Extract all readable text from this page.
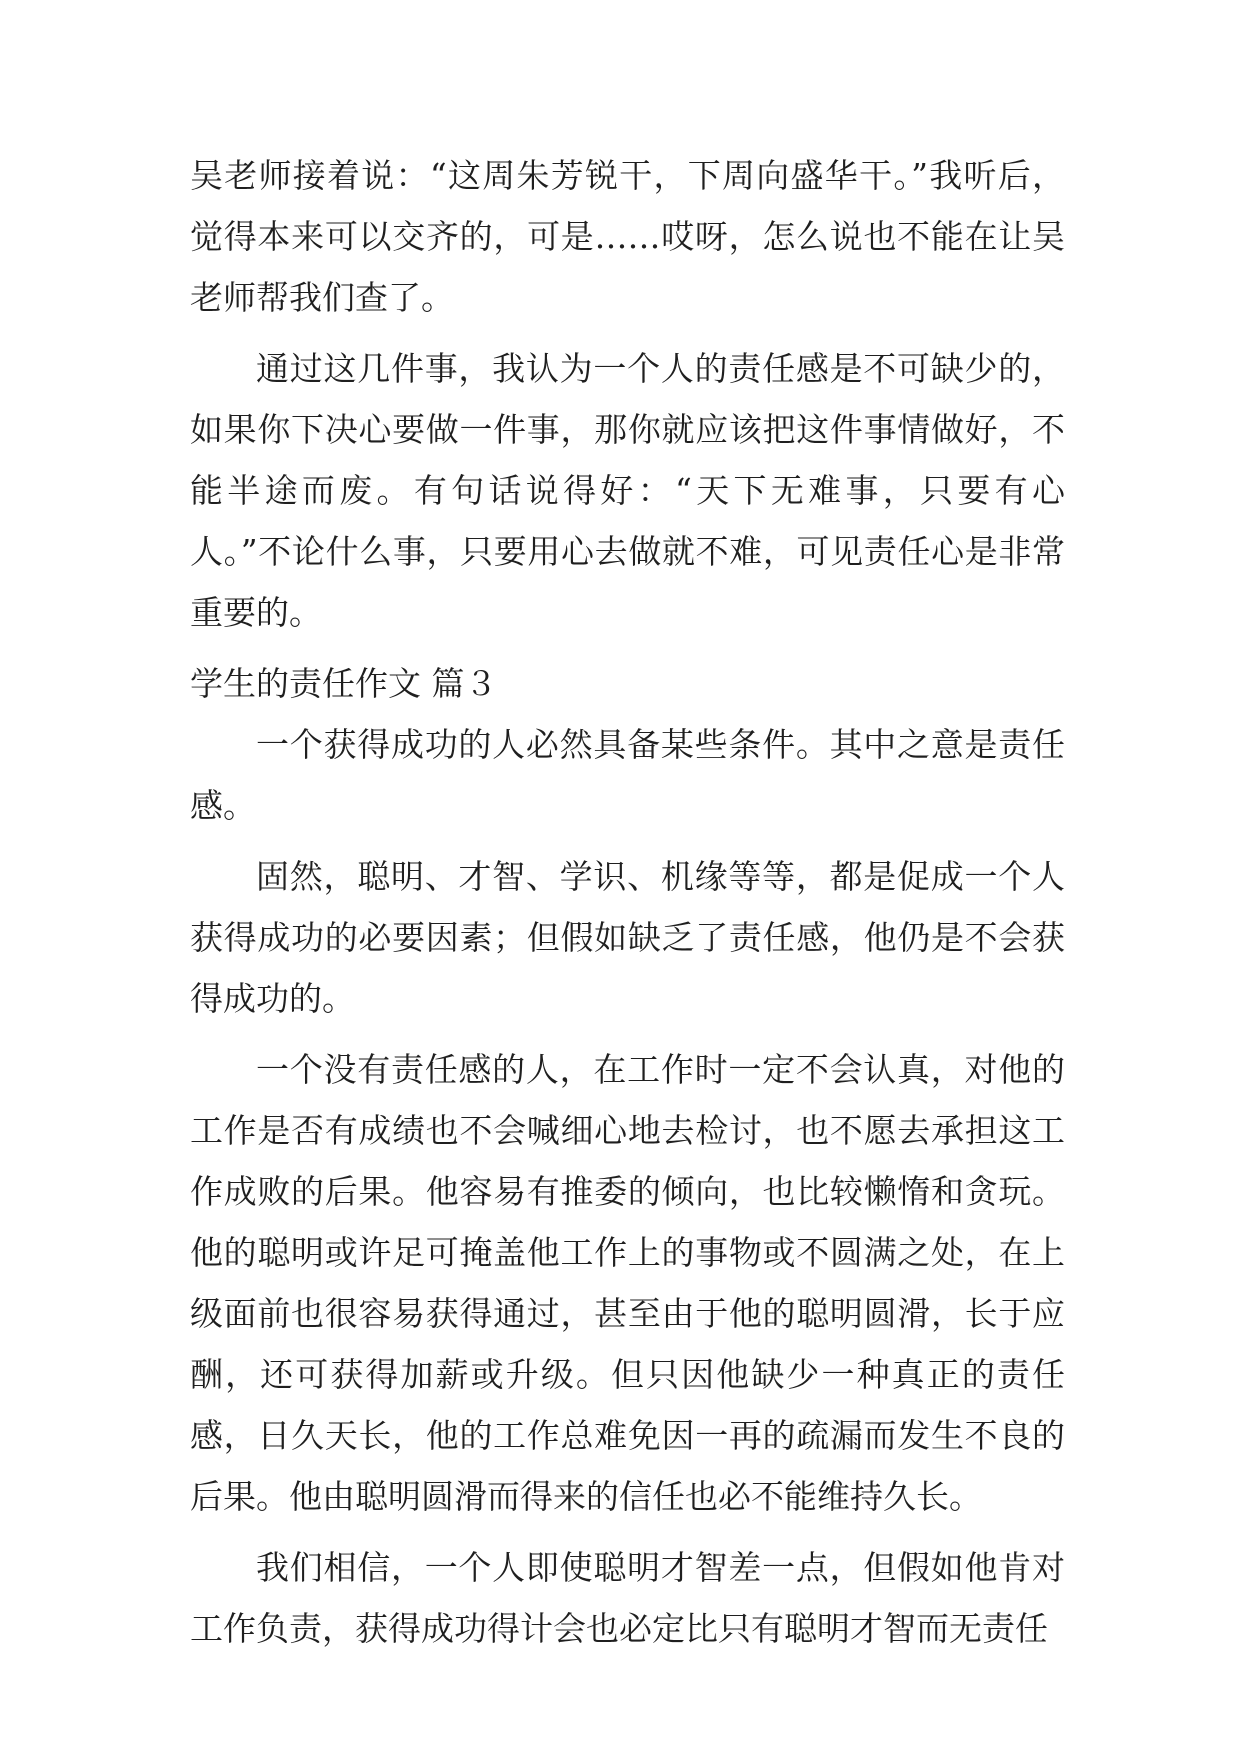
吴老师接着说：“这周朱芳锐干，下周向盛华干。”我听后，觉得本来可以交齐的，可是……哎呀，怎么说也不能在让吴老师帮我们查了。

通过这几件事，我认为一个人的责任感是不可缺少的，如果你下决心要做一件事，那你就应该把这件事情做好，不能半途而废。有句话说得好：“天下无难事，只要有心人。”不论什么事，只要用心去做就不难，可见责任心是非常重要的。

学生的责任作文 篇３

一个获得成功的人必然具备某些条件。其中之意是责任感。

固然，聪明、才智、学识、机缘等等，都是促成一个人获得成功的必要因素；但假如缺乏了责任感，他仍是不会获得成功的。

一个没有责任感的人，在工作时一定不会认真，对他的工作是否有成绩也不会喊细心地去检讨，也不愿去承担这工作成败的后果。他容易有推委的倾向，也比较懒惰和贪玩。他的聪明或许足可掩盖他工作上的事物或不圆满之处，在上级面前也很容易获得通过，甚至由于他的聪明圆滑，长于应酬，还可获得加薪或升级。但只因他缺少一种真正的责任感，日久天长，他的工作总难免因一再的疏漏而发生不良的后果。他由聪明圆滑而得来的信任也必不能维持久长。

我们相信，一个人即使聪明才智差一点，但假如他肯对工作负责，获得成功得计会也必定比只有聪明才智而无责任
